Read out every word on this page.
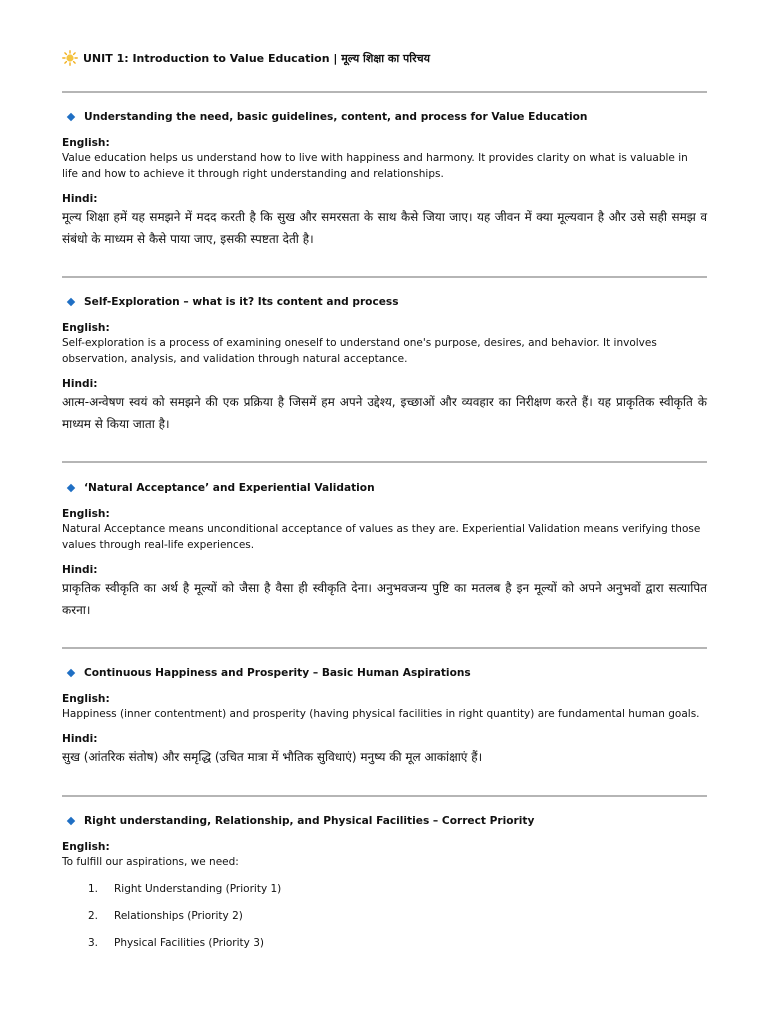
UNIT 1: Introduction to Value Education | मूल्य शिक्षा का परिचय
Understanding the need, basic guidelines, content, and process for Value Education
English:
Value education helps us understand how to live with happiness and harmony. It provides clarity on what is valuable in life and how to achieve it through right understanding and relationships.
Hindi:
मूल्य शिक्षा हमें यह समझने में मदद करती है कि सुख और समरसता के साथ कैसे जिया जाए। यह जीवन में क्या मूल्यवान है और उसे सही समझ व संबंधो के माध्यम से कैसे पाया जाए, इसकी स्पष्टता देती है।
Self-Exploration – what is it? Its content and process
English:
Self-exploration is a process of examining oneself to understand one's purpose, desires, and behavior. It involves observation, analysis, and validation through natural acceptance.
Hindi:
आत्म-अन्वेषण स्वयं को समझने की एक प्रक्रिया है जिसमें हम अपने उद्देश्य, इच्छाओं और व्यवहार का निरीक्षण करते हैं। यह प्राकृतिक स्वीकृति के माध्यम से किया जाता है।
‘Natural Acceptance’ and Experiential Validation
English:
Natural Acceptance means unconditional acceptance of values as they are. Experiential Validation means verifying those values through real-life experiences.
Hindi:
प्राकृतिक स्वीकृति का अर्थ है मूल्यों को जैसा है वैसा ही स्वीकृति देना। अनुभवजन्य पुष्टि का मतलब है इन मूल्यों को अपने अनुभवों द्वारा सत्यापित करना।
Continuous Happiness and Prosperity – Basic Human Aspirations
English:
Happiness (inner contentment) and prosperity (having physical facilities in right quantity) are fundamental human goals.
Hindi:
सुख (आंतरिक संतोष) और समृद्धि (उचित मात्रा में भौतिक सुविधाएं) मनुष्य की मूल आकांक्षाएं हैं।
Right understanding, Relationship, and Physical Facilities – Correct Priority
English:
To fulfill our aspirations, we need:
1.	Right Understanding (Priority 1)
2.	Relationships (Priority 2)
3.	Physical Facilities (Priority 3)
